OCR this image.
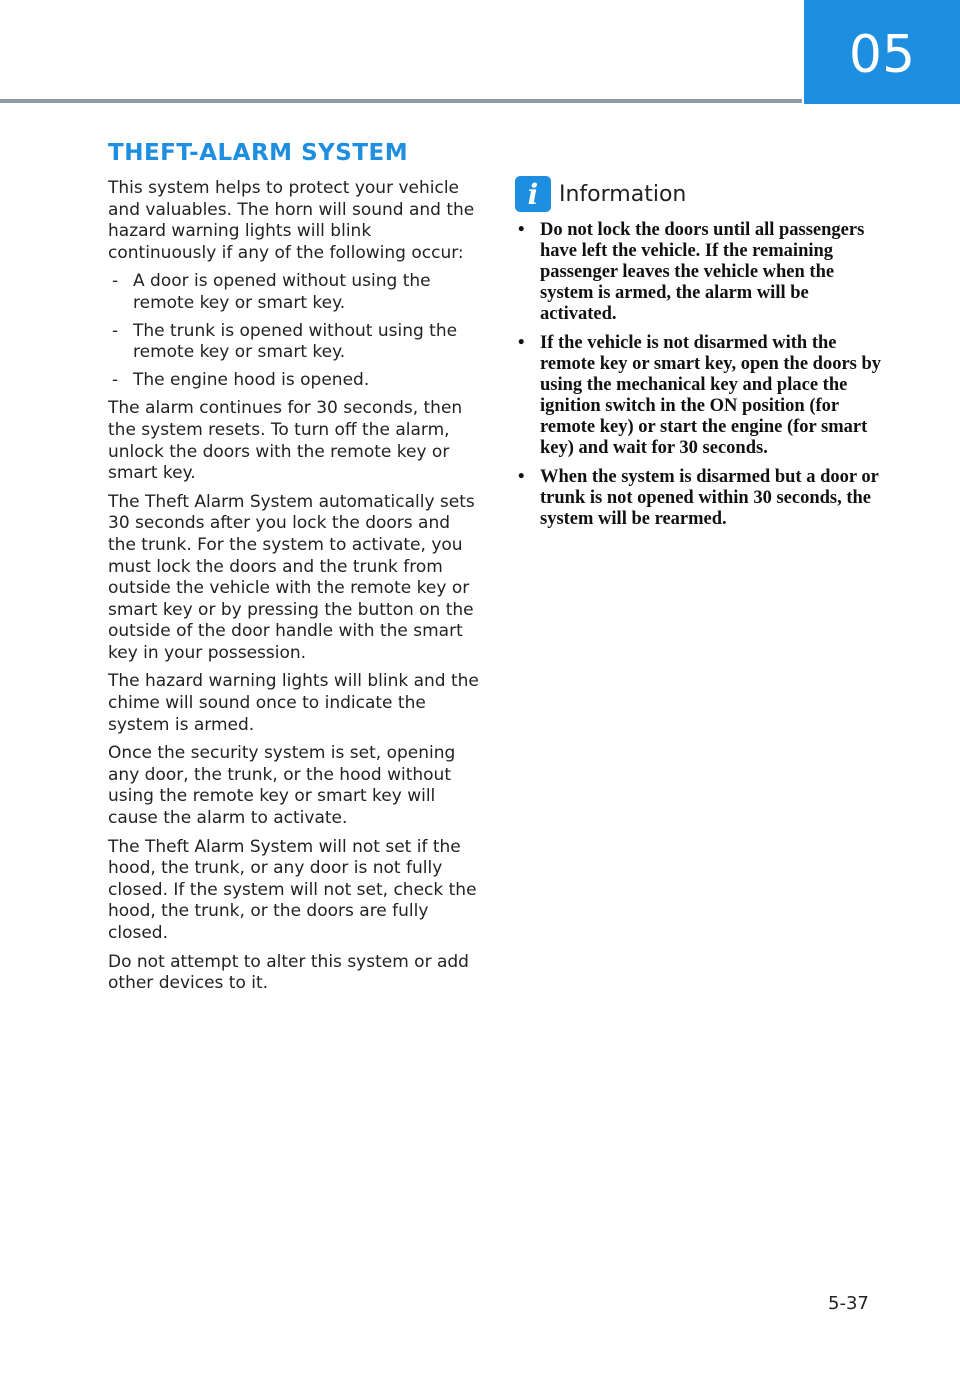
05
THEFT-ALARM SYSTEM

This system helps to protect your vehicle and valuables. The horn will sound and the hazard warning lights will blink continuously if any of the following occur:

- A door is opened without using the remote key or smart key.
- The trunk is opened without using the remote key or smart key.
- The engine hood is opened.

The alarm continues for 30 seconds, then the system resets. To turn off the alarm, unlock the doors with the remote key or smart key.

The Theft Alarm System automatically sets 30 seconds after you lock the doors and the trunk. For the system to activate, you must lock the doors and the trunk from outside the vehicle with the remote key or smart key or by pressing the button on the outside of the door handle with the smart key in your possession.

The hazard warning lights will blink and the chime will sound once to indicate the system is armed.

Once the security system is set, opening any door, the trunk, or the hood without using the remote key or smart key will cause the alarm to activate.

The Theft Alarm System will not set if the hood, the trunk, or any door is not fully closed. If the system will not set, check the hood, the trunk, or the doors are fully closed.

Do not attempt to alter this system or add other devices to it.

i Information
• Do not lock the doors until all passengers have left the vehicle. If the remaining passenger leaves the vehicle when the system is armed, the alarm will be activated.
• If the vehicle is not disarmed with the remote key or smart key, open the doors by using the mechanical key and place the ignition switch in the ON position (for remote key) or start the engine (for smart key) and wait for 30 seconds.
• When the system is disarmed but a door or trunk is not opened within 30 seconds, the system will be rearmed.
5-37
